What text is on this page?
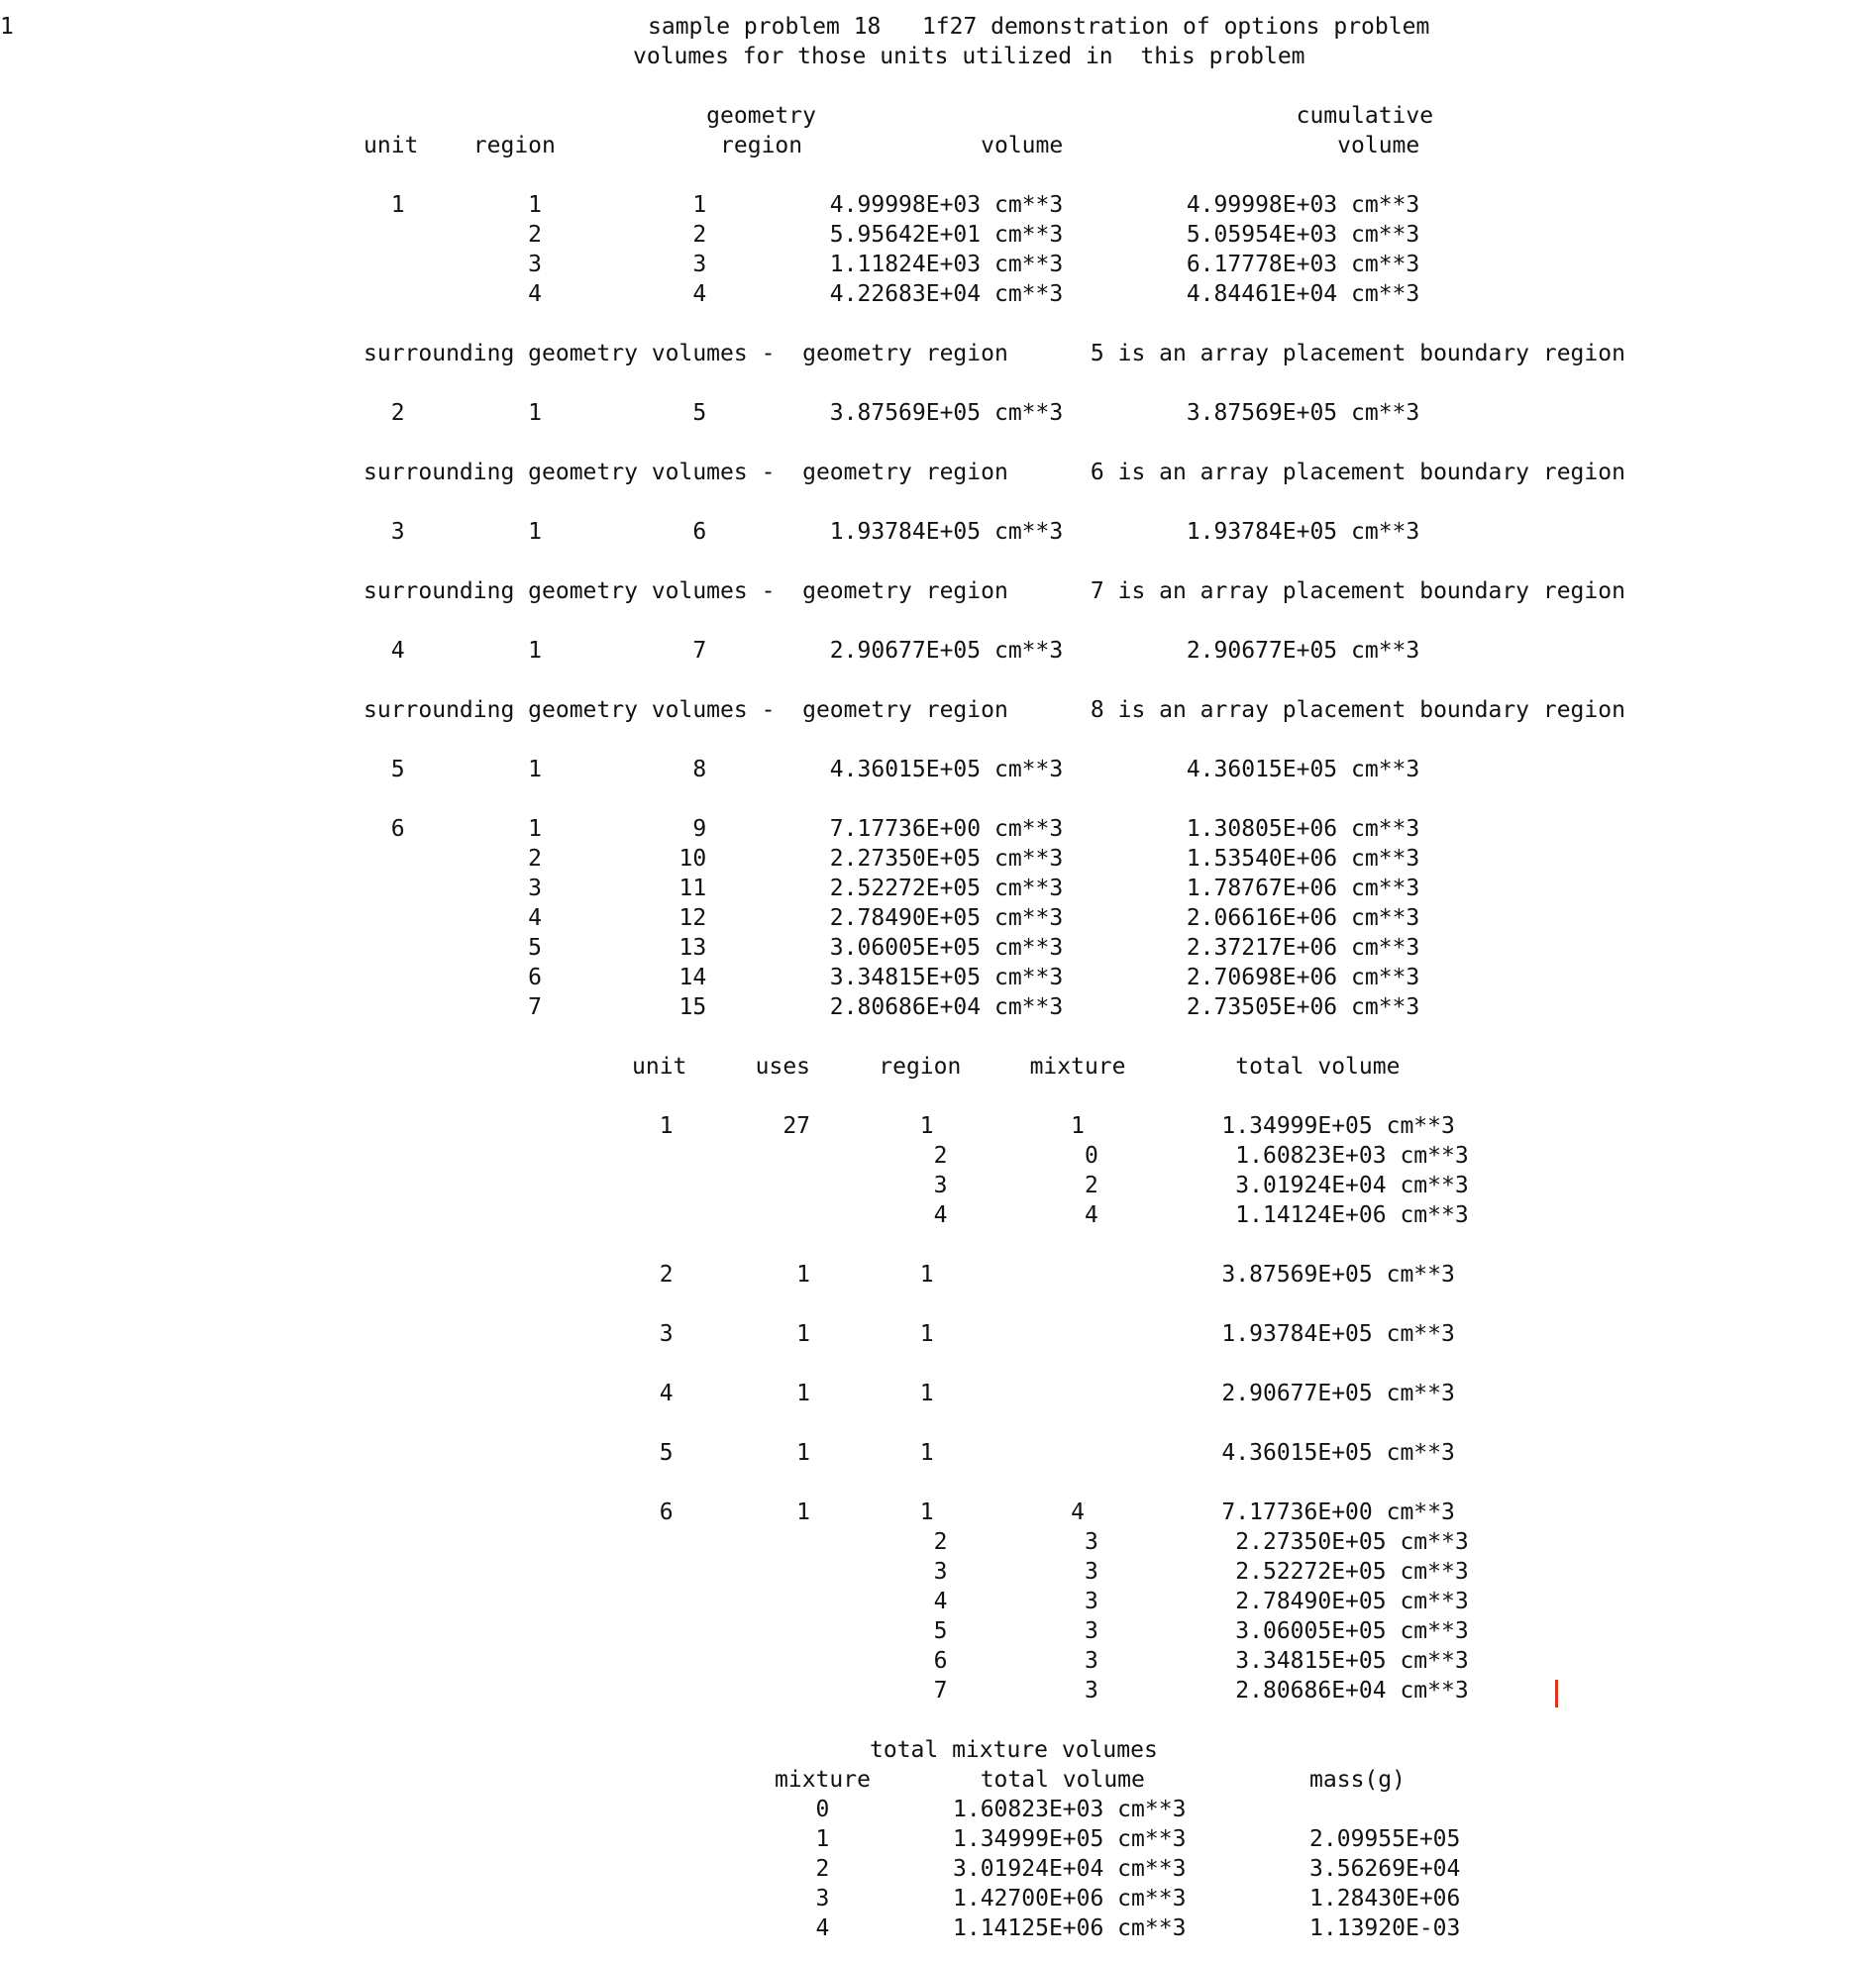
1	sample problem 18   1f27 demonstration of options problem
volumes for those units utilized in  this problem
geometry                                   cumulative
unit    region            region             volume                    volume
1         1           1         4.99998E+03 cm**3         4.99998E+03 cm**3
2           2         5.95642E+01 cm**3         5.05954E+03 cm**3
3           3         1.11824E+03 cm**3         6.17778E+03 cm**3
4           4         4.22683E+04 cm**3         4.84461E+04 cm**3
surrounding geometry volumes -  geometry region      5 is an array placement boundary region
2         1           5         3.87569E+05 cm**3         3.87569E+05 cm**3
surrounding geometry volumes -  geometry region      6 is an array placement boundary region
3         1           6         1.93784E+05 cm**3         1.93784E+05 cm**3
surrounding geometry volumes -  geometry region      7 is an array placement boundary region
4         1           7         2.90677E+05 cm**3         2.90677E+05 cm**3
surrounding geometry volumes -  geometry region      8 is an array placement boundary region
5         1           8         4.36015E+05 cm**3         4.36015E+05 cm**3
6         1           9         7.17736E+00 cm**3         1.30805E+06 cm**3
2          10         2.27350E+05 cm**3         1.53540E+06 cm**3
3          11         2.52272E+05 cm**3         1.78767E+06 cm**3
4          12         2.78490E+05 cm**3         2.06616E+06 cm**3
5          13         3.06005E+05 cm**3         2.37217E+06 cm**3
6          14         3.34815E+05 cm**3         2.70698E+06 cm**3
7          15         2.80686E+04 cm**3         2.73505E+06 cm**3
unit     uses     region     mixture        total volume
1        27        1          1          1.34999E+05 cm**3
2          0          1.60823E+03 cm**3
3          2          3.01924E+04 cm**3
4          4          1.14124E+06 cm**3
2         1        1                     3.87569E+05 cm**3
3         1        1                     1.93784E+05 cm**3
4         1        1                     2.90677E+05 cm**3
5         1        1                     4.36015E+05 cm**3
6         1        1          4          7.17736E+00 cm**3
2          3          2.27350E+05 cm**3
3          3          2.52272E+05 cm**3
4          3          2.78490E+05 cm**3
5          3          3.06005E+05 cm**3
6          3          3.34815E+05 cm**3
7          3          2.80686E+04 cm**3
total mixture volumes
mixture        total volume            mass(g)
0         1.60823E+03 cm**3
1         1.34999E+05 cm**3         2.09955E+05
2         3.01924E+04 cm**3         3.56269E+04
3         1.42700E+06 cm**3         1.28430E+06
4         1.14125E+06 cm**3         1.13920E-03
